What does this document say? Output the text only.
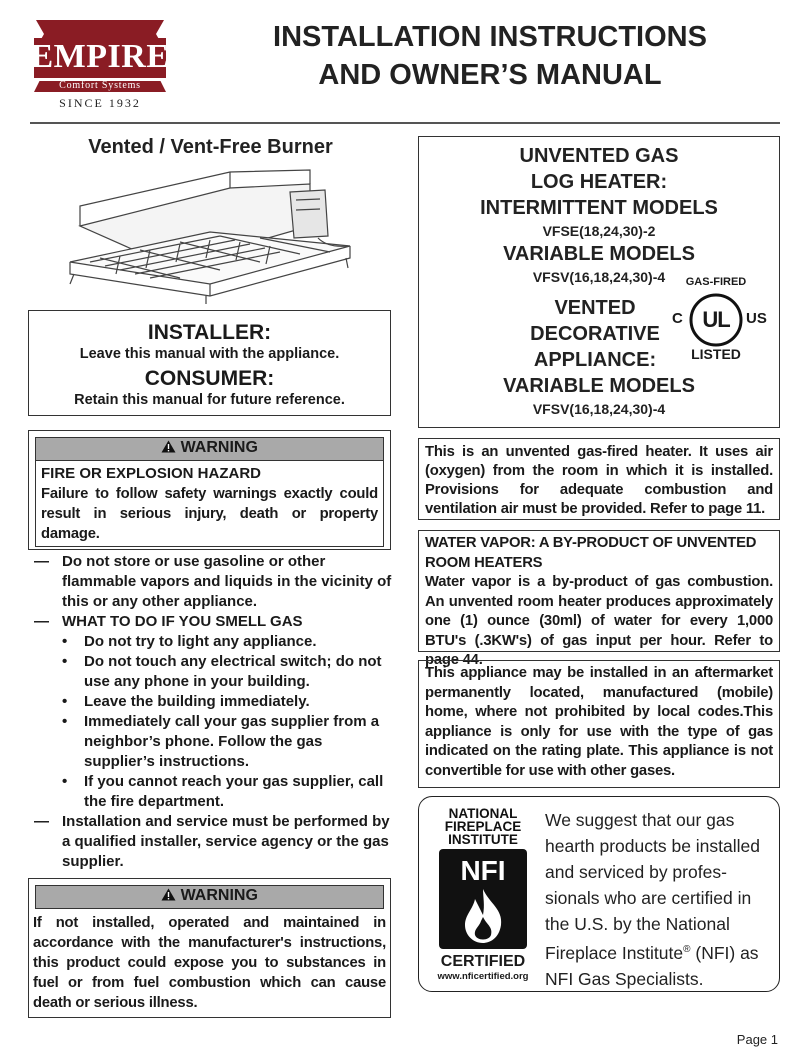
EMPIRE
Comfort Systems
SINCE 1932
INSTALLATION INSTRUCTIONS
AND OWNER’S MANUAL
Vented / Vent-Free Burner
INSTALLER:
Leave this manual with the appliance.
CONSUMER:
Retain this manual for future reference.
WARNING
FIRE OR EXPLOSION HAZARD
Failure to follow safety warnings exactly could result in serious injury, death or property damage.
— Do not store or use gasoline or other flammable vapors and liquids in the vicinity of this or any other appliance.
— WHAT TO DO IF YOU SMELL GAS
• Do not try to light any appliance.
• Do not touch any electrical switch; do not use any phone in your building.
• Leave the building immediately.
• Immediately call your gas supplier from a neighbor’s phone. Follow the gas supplier’s instructions.
• If you cannot reach your gas supplier, call the fire department.
— Installation and service must be performed by a qualified installer, service agency or the gas supplier.
WARNING
If not installed, operated and maintained in accordance with the manufacturer's instructions, this product could expose you to substances in fuel or from fuel combustion which can cause death or serious illness.
UNVENTED GAS
LOG HEATER:
INTERMITTENT MODELS
VFSE(18,24,30)-2
VARIABLE MODELS
VFSV(16,18,24,30)-4
VENTED
DECORATIVE
APPLIANCE:
VARIABLE MODELS
VFSV(16,18,24,30)-4
GAS-FIRED
UL
C	US
LISTED
This is an unvented gas-fired heater. It uses air (oxygen) from the room in which it is installed. Provisions for adequate combustion and ventilation air must be provided. Refer to page 11.
WATER VAPOR: A BY-PRODUCT OF UNVENTED ROOM HEATERS
Water vapor is a by-product of gas combustion. An unvented room heater produces approximately one (1) ounce (30ml) of water for every 1,000 BTU's (.3KW's) of gas input per hour. Refer to page 44.
This appliance may be installed in an aftermarket permanently located, manufactured (mobile) home, where not prohibited by local codes.This appliance is only for use with the type of gas indicated on the rating plate. This appliance is not convertible for use with other gases.
NATIONAL
FIREPLACE
INSTITUTE
NFI
CERTIFIED
www.nficertified.org
We suggest that our gas hearth products be installed and serviced by profes-sionals who are certified in the U.S. by the National Fireplace Institute® (NFI) as NFI Gas Specialists.
Page 1
